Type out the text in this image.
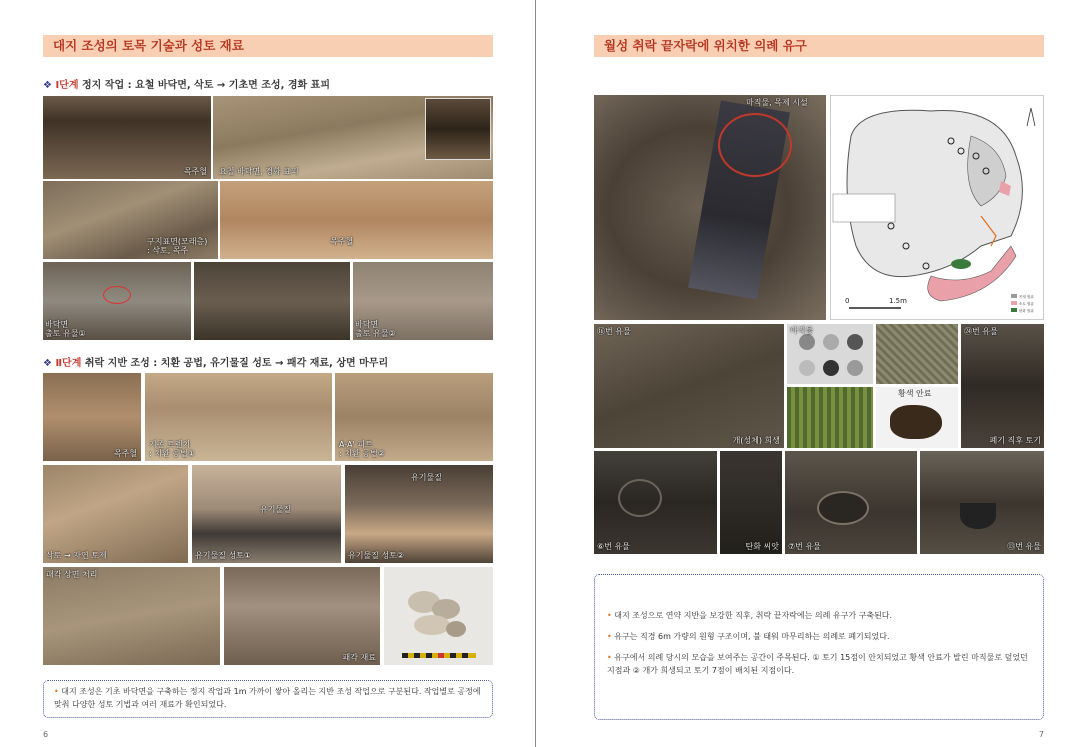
대지 조성의 토목 기술과 성토 재료
❖ Ⅰ단계 정지 작업 : 요철 바닥면, 삭토 → 기초면 조성, 경화 표피
목주혈 요철 바닥면, 경화 표피
구지표면(모래층)
: 삭토, 목주
목주혈
바닥면
출토 유물①
바닥면
출토 유물②
❖ Ⅱ단계 취락 지반 조성 : 치환 공법, 유기물질 성토 → 패각 재료, 상면 마무리
목주혈
기존 트렌치
: 치환 공법①
A-A' 피트
: 치환 공법②
삭토 → 자연 토제
유기물질
유기물질 성토①
유기물질
유기물질 성토②
패각 상면 처리
패각 재료

• 대지 조성은 기초 바닥면을 구축하는 정지 작업과 1m 가까이 쌓아 올리는 지반 조성 작업으로 구분된다. 작업별로 공정에 맞춰 다양한 성토 기법과 여러 재료가 확인되었다.

6
월성 취락 끝자락에 위치한 의례 유구
마직물, 목제 시설
0	1.5m	목재 범위
소토 범위
탄화 범위
⑯번 유물
개(성체) 희생
마직물
황색 안료
㉔번 유물
폐기 직후 토기
⑥번 유물	탄화 씨앗 ⑦번 유물	⑬번 유물

• 대지 조성으로 연약 지반을 보강한 직후, 취락 끝자락에는 의례 유구가 구축된다.

• 유구는 직경 6m 가량의 원형 구조이며, 불 태워 마무리하는 의례로 폐기되었다.

• 유구에서 의례 당시의 모습을 보여주는 공간이 주목된다. ① 토기 15점이 안치되었고 황색 안료가 발린 마직물로 덮었던 지점과 ② 개가 희생되고 토기 7점이 배치된 지점이다.

7
